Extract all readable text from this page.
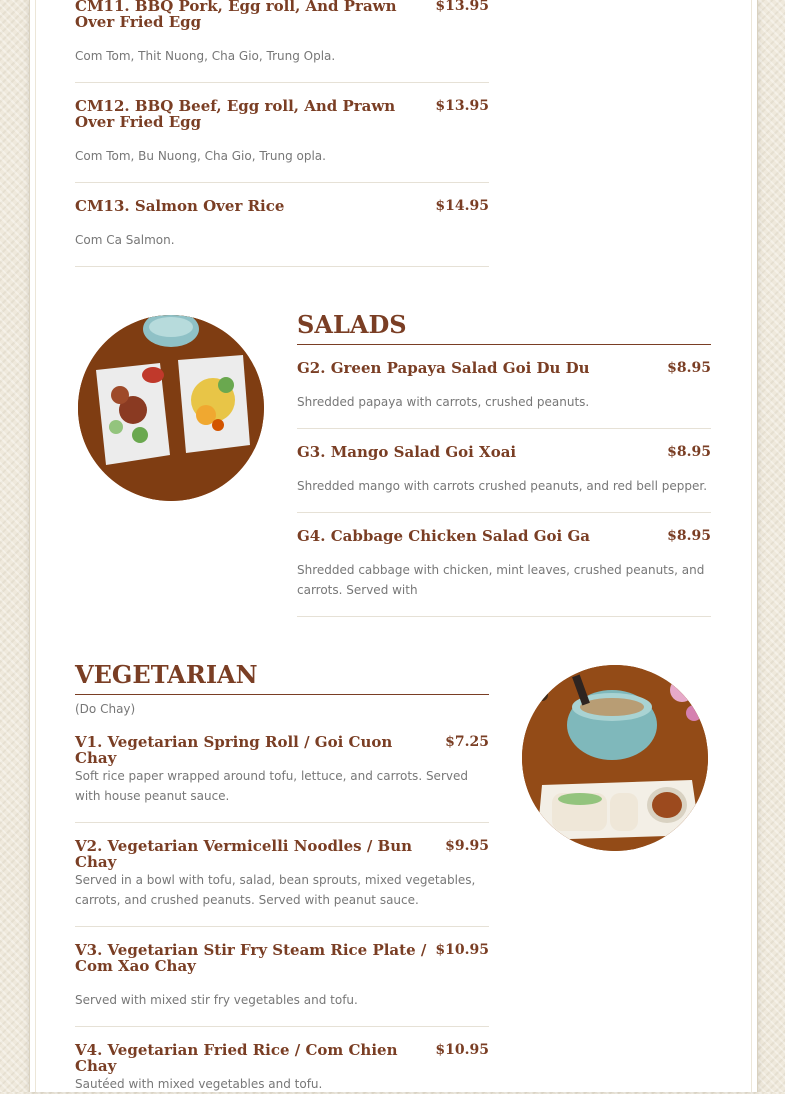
CM11. BBQ Pork, Egg roll, And Prawn Over Fried Egg
$13.95
Com Tom, Thit Nuong, Cha Gio, Trung Opla.
CM12. BBQ Beef, Egg roll, And Prawn Over Fried Egg
$13.95
Com Tom, Bu Nuong, Cha Gio, Trung opla.
CM13. Salmon Over Rice	$14.95
Com Ca Salmon.
SALADS
G2. Green Papaya Salad Goi Du Du	$8.95
Shredded papaya with carrots, crushed peanuts.
G3. Mango Salad Goi Xoai	$8.95
Shredded mango with carrots crushed peanuts, and red bell pepper.
G4. Cabbage Chicken Salad Goi Ga	$8.95
Shredded cabbage with chicken, mint leaves, crushed peanuts, and carrots. Served with
VEGETARIAN
(Do Chay)
V1. Vegetarian Spring Roll / Goi Cuon Chay
$7.25
Soft rice paper wrapped around tofu, lettuce, and carrots. Served with house peanut sauce.
V2. Vegetarian Vermicelli Noodles / Bun Chay
$9.95
Served in a bowl with tofu, salad, bean sprouts, mixed vegetables, carrots, and crushed peanuts. Served with peanut sauce.
V3. Vegetarian Stir Fry Steam Rice Plate / Com Xao Chay
$10.95
Served with mixed stir fry vegetables and tofu.
V4. Vegetarian Fried Rice / Com Chien Chay
$10.95
Sautéed with mixed vegetables and tofu.
